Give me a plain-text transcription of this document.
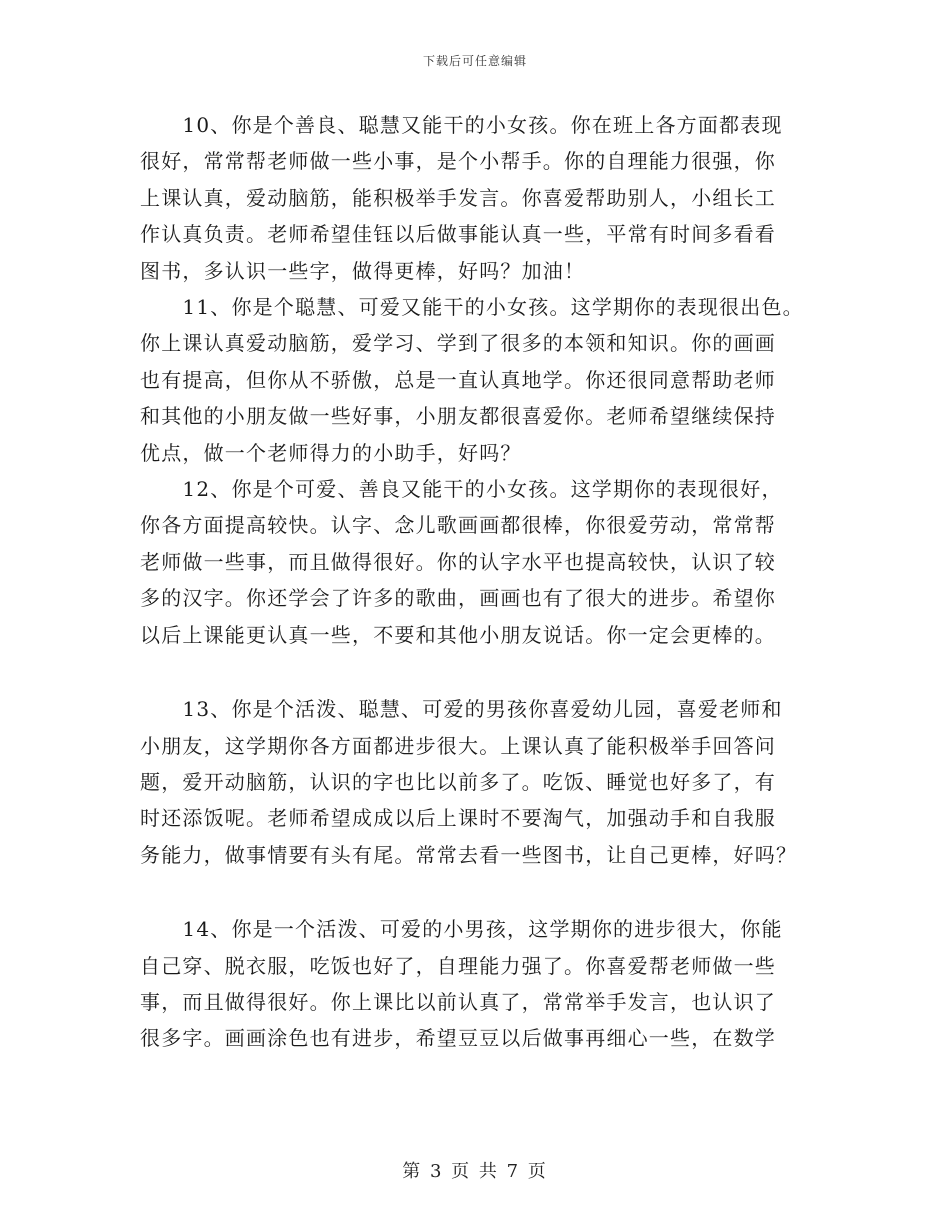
下载后可任意编辑

　　10、你是个善良、聪慧又能干的小女孩。你在班上各方面都表现
很好，常常帮老师做一些小事，是个小帮手。你的自理能力很强，你
上课认真，爱动脑筋，能积极举手发言。你喜爱帮助别人，小组长工
作认真负责。老师希望佳钰以后做事能认真一些，平常有时间多看看
图书，多认识一些字，做得更棒，好吗？加油！

　　11、你是个聪慧、可爱又能干的小女孩。这学期你的表现很出色。
你上课认真爱动脑筋，爱学习、学到了很多的本领和知识。你的画画
也有提高，但你从不骄傲，总是一直认真地学。你还很同意帮助老师
和其他的小朋友做一些好事，小朋友都很喜爱你。老师希望继续保持
优点，做一个老师得力的小助手，好吗？

　　12、你是个可爱、善良又能干的小女孩。这学期你的表现很好，
你各方面提高较快。认字、念儿歌画画都很棒，你很爱劳动，常常帮
老师做一些事，而且做得很好。你的认字水平也提高较快，认识了较
多的汉字。你还学会了许多的歌曲，画画也有了很大的进步。希望你
以后上课能更认真一些，不要和其他小朋友说话。你一定会更棒的。

　　13、你是个活泼、聪慧、可爱的男孩你喜爱幼儿园，喜爱老师和
小朋友，这学期你各方面都进步很大。上课认真了能积极举手回答问
题，爱开动脑筋，认识的字也比以前多了。吃饭、睡觉也好多了，有
时还添饭呢。老师希望成成以后上课时不要淘气，加强动手和自我服
务能力，做事情要有头有尾。常常去看一些图书，让自己更棒，好吗？

　　14、你是一个活泼、可爱的小男孩，这学期你的进步很大，你能
自己穿、脱衣服，吃饭也好了，自理能力强了。你喜爱帮老师做一些
事，而且做得很好。你上课比以前认真了，常常举手发言，也认识了
很多字。画画涂色也有进步，希望豆豆以后做事再细心一些，在数学

第 3 页 共 7 页
